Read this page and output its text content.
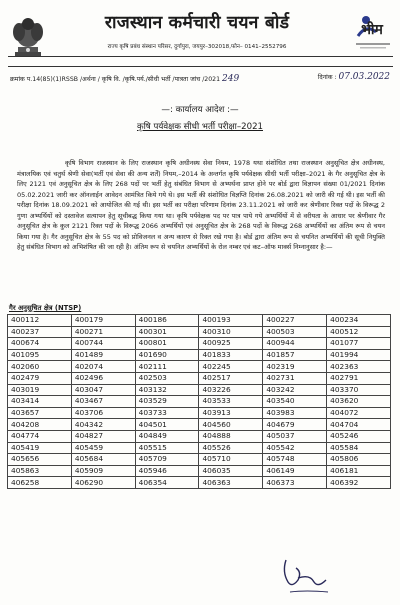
राजस्थान कर्मचारी चयन बोर्ड
राज्य कृषि प्रबंध संस्थान परिसर, दुर्गापुरा, जयपुर–302018,फोन– 0141–2552796
भीम
क्रमांक प.14(85)(1)RSSB /अर्थना / कृषि वि. /कृषि.पर्य./सीधी भर्ती /पात्रता जांच /2021 249	दिनांक : 07.03.2022
—: कार्यालय आदेश :—
कृषि पर्यवेक्षक सीधी भर्ती परीक्षा–2021
कृषि विभाग राजस्थान के लिए राजस्थान कृषि अधीनस्थ सेवा नियम, 1978 यथा संशोधित तथा राजस्थान अनुसूचित क्षेत्र अधीनस्थ, मंत्रालयिक एवं चतुर्थ श्रेणी सेवा(भर्ती एवं सेवा की अन्य शर्तें) नियम,–2014 के अन्तर्गत कृषि पर्यवेक्षक सीधी भर्ती परीक्षा–2021 के गैर अनुसूचित क्षेत्र के लिए 2121 एवं अनुसूचित क्षेत्र के लिए 268 पदों पर भर्ती हेतु संबंधित विभाग से अभ्यर्थना प्राप्त होने पर बोर्ड द्वारा विज्ञापन संख्या 01/2021 दिनांक 05.02.2021 जारी कर ऑनलाईन आवेदन आमंत्रित किये गये थे। इस भर्ती की संशोधित विज्ञप्ति दिनांक 26.08.2021 को जारी की गई थी। इस भर्ती की परीक्षा दिनांक 18.09.2021 को आयोजित की गई थी। इस भर्ती का परीक्षा परिणाम दिनांक 23.11.2021 को जारी कर श्रेणीवार रिक्त पदों के विरूद्ध 2 गुणा अभ्यर्थियों को दस्तावेज सत्यापन हेतु सूचीबद्ध किया गया था। कृषि पर्यवेक्षक पद पर पात्र पाये गये अभ्यर्थियों में से वरीयता के आधार पर श्रेणीवार गैर अनुसूचित क्षेत्र के कुल 2121 रिक्त पदों के विरूद्ध 2066 अभ्यर्थियों एवं अनुसूचित क्षेत्र के 268 पदों के विरूद्ध 268 अभ्यर्थियों का अंतिम रूप से चयन किया गया है। गैर अनुसूचित क्षेत्र के 55 पद को प्रोविजनल व अन्य कारण से रिक्त रखे गया है। बोर्ड द्वारा अंतिम रूप से चयनित अभ्यर्थियों की सूची नियुक्ति हेतु संबंधित विभाग को अभिशंषित की जा रही है। अंतिम रूप से चयनित अभ्यर्थियों के रोल नम्बर एवं कट–ऑफ मार्क्स निम्नानुसार है:—
गैर अनुसूचित क्षेत्र (NTSP)
400112	400179	400186	400193	400227	400234
400237	400271	400301	400310	400503	400512
400674	400744	400801	400925	400944	401077
401095	401489	401690	401833	401857	401994
402060	402074	402111	402245	402319	402363
402479	402496	402503	402517	402731	402791
403019	403047	403132	403226	403242	403370
403414	403467	403529	403533	403540	403620
403657	403706	403733	403913	403983	404072
404208	404342	404501	404560	404679	404704
404774	404827	404849	404888	405037	405246
405419	405459	405515	405526	405542	405584
405656	405684	405709	405710	405748	405806
405863	405909	405946	406035	406149	406181
406258	406290	406354	406363	406373	406392
